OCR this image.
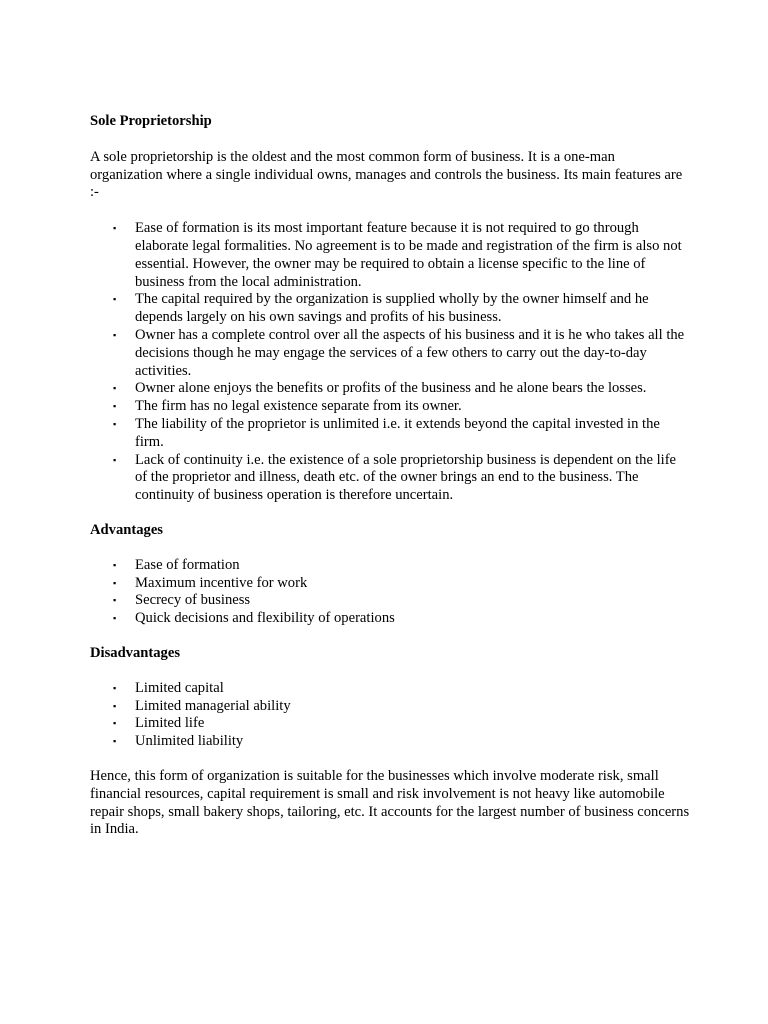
Sole Proprietorship

A sole proprietorship is the oldest and the most common form of business. It is a one-man organization where a single individual owns, manages and controls the business. Its main features are :-

▪ Ease of formation is its most important feature because it is not required to go through elaborate legal formalities. No agreement is to be made and registration of the firm is also not essential. However, the owner may be required to obtain a license specific to the line of business from the local administration.
▪ The capital required by the organization is supplied wholly by the owner himself and he depends largely on his own savings and profits of his business.
▪ Owner has a complete control over all the aspects of his business and it is he who takes all the decisions though he may engage the services of a few others to carry out the day-to-day activities.
▪ Owner alone enjoys the benefits or profits of the business and he alone bears the losses.
▪ The firm has no legal existence separate from its owner.
▪ The liability of the proprietor is unlimited i.e. it extends beyond the capital invested in the firm.
▪ Lack of continuity i.e. the existence of a sole proprietorship business is dependent on the life of the proprietor and illness, death etc. of the owner brings an end to the business. The continuity of business operation is therefore uncertain.

Advantages

▪ Ease of formation
▪ Maximum incentive for work
▪ Secrecy of business
▪ Quick decisions and flexibility of operations

Disadvantages

▪ Limited capital
▪ Limited managerial ability
▪ Limited life
▪ Unlimited liability

Hence, this form of organization is suitable for the businesses which involve moderate risk, small financial resources, capital requirement is small and risk involvement is not heavy like automobile repair shops, small bakery shops, tailoring, etc. It accounts for the largest number of business concerns in India.
